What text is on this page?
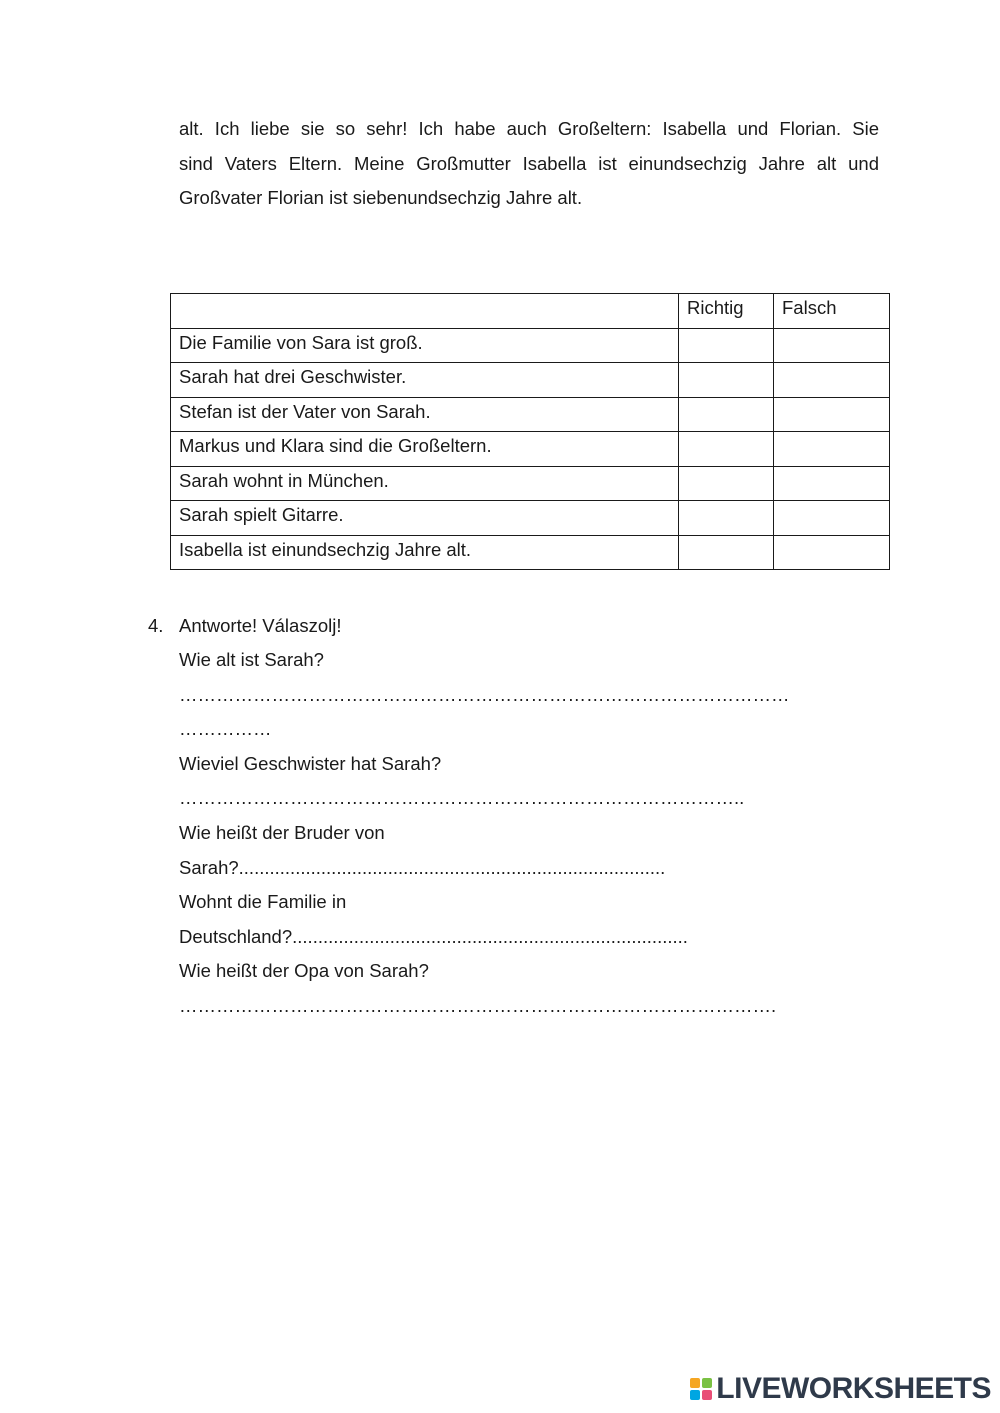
alt. Ich liebe sie so sehr! Ich habe auch Großeltern: Isabella und Florian. Sie
sind Vaters Eltern. Meine Großmutter Isabella ist einundsechzig Jahre alt und
Großvater Florian ist siebenundsechzig Jahre alt.
	Richtig	Falsch
Die Familie von Sara ist groß.		
Sarah hat drei Geschwister.		
Stefan ist der Vater von Sarah.		
Markus und Klara sind die Großeltern.		
Sarah wohnt in München.		
Sarah spielt Gitarre.		
Isabella ist einundsechzig Jahre alt.		
4. Antworte! Válaszolj!
Wie alt ist Sarah?
………………………………………………………………………………………
……………
Wieviel Geschwister hat Sarah?
………………………………………………………………………………..
Wie heißt der Bruder von
Sarah?...................................................................................
Wohnt die Familie in
Deutschland?.............................................................................
Wie heißt der Opa von Sarah?
…………………………………………………………………………………….
LIVEWORKSHEETS
